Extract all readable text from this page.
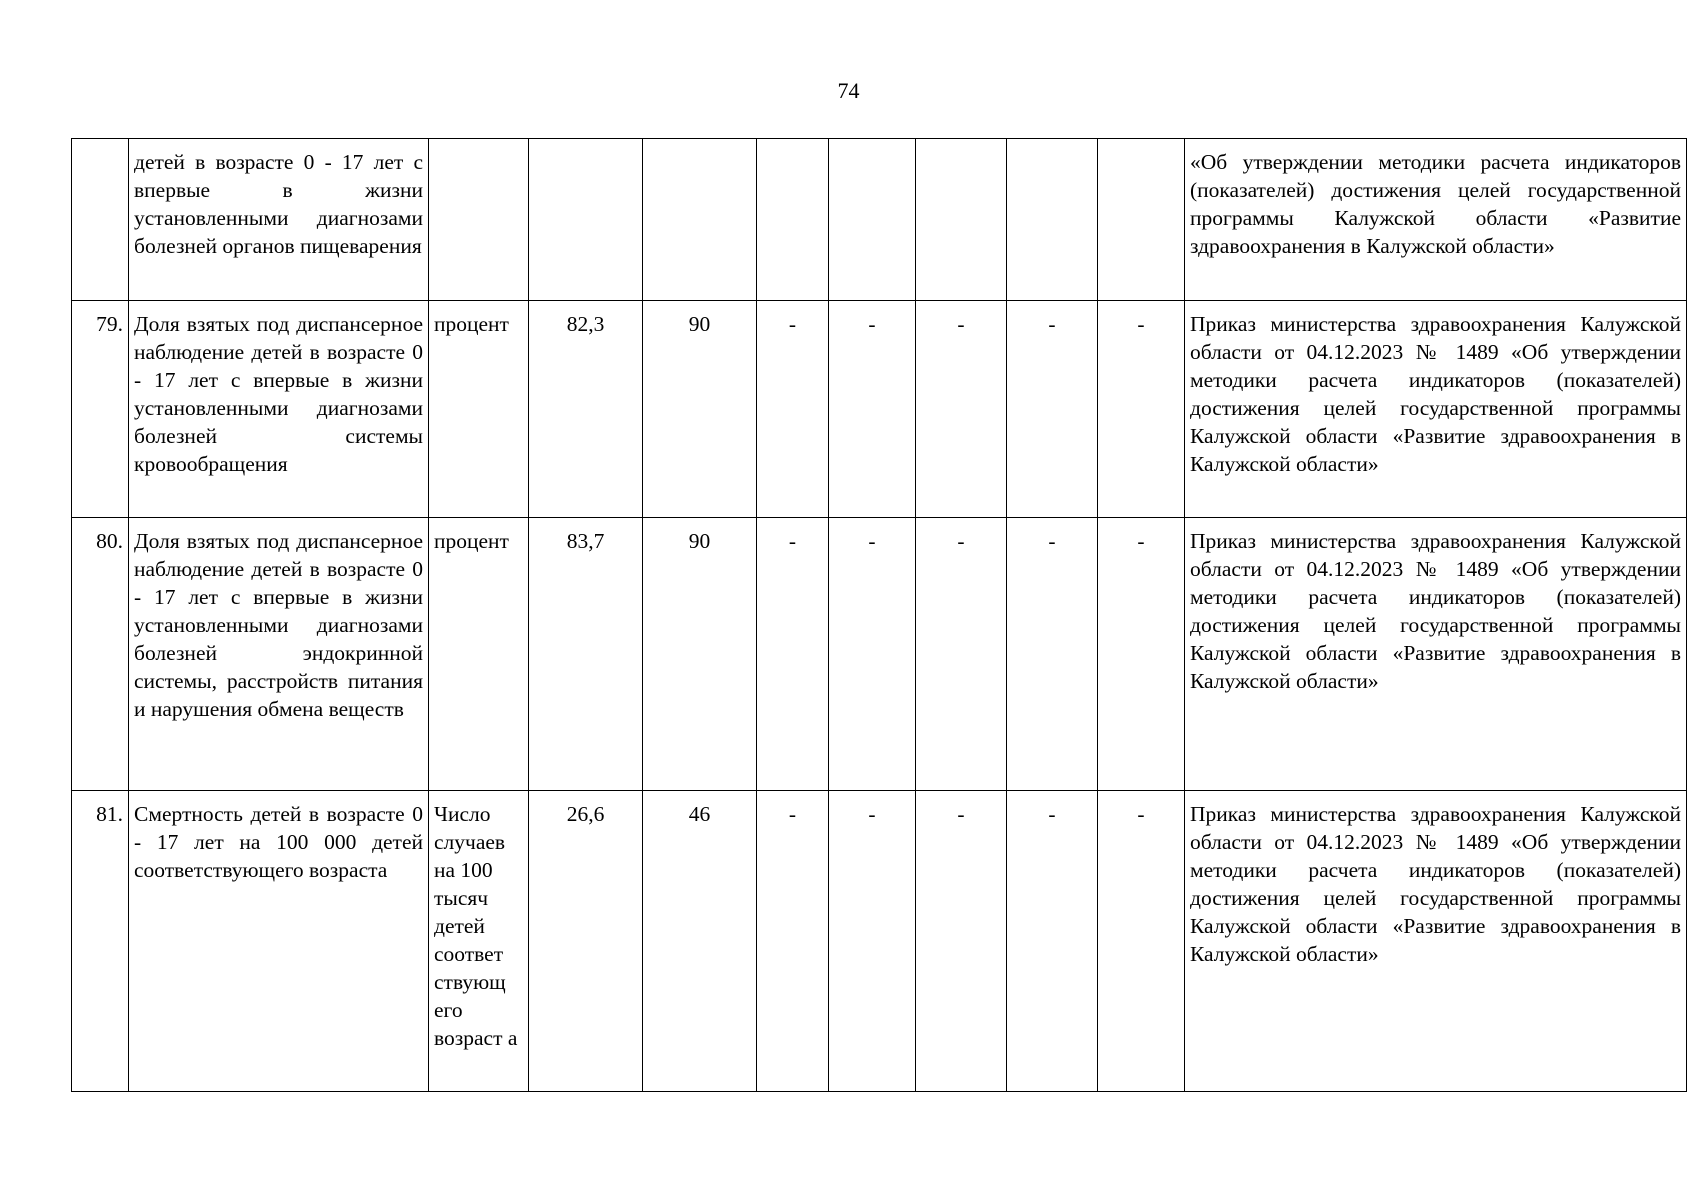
74
	детей в возрасте 0 - 17 лет с впервые в жизни установленными диагнозами болезней органов пищеварения									«Об утверждении методики расчета индикаторов (показателей) достижения целей государственной программы Калужской области «Развитие здравоохранения в Калужской области»
79.	Доля взятых под диспансерное наблюдение детей в возрасте 0 - 17 лет с впервые в жизни установленными диагнозами болезней системы кровообращения	процент	82,3	90	-	-	-	-	-	Приказ министерства здравоохранения Калужской области от 04.12.2023 № 1489 «Об утверждении методики расчета индикаторов (показателей) достижения целей государственной программы Калужской области «Развитие здравоохранения в Калужской области»
80.	Доля взятых под диспансерное наблюдение детей в возрасте 0 - 17 лет с впервые в жизни установленными диагнозами болезней эндокринной системы, расстройств питания и нарушения обмена веществ	процент	83,7	90	-	-	-	-	-	Приказ министерства здравоохранения Калужской области от 04.12.2023 № 1489 «Об утверждении методики расчета индикаторов (показателей) достижения целей государственной программы Калужской области «Развитие здравоохранения в Калужской области»
81.	Смертность детей в возрасте 0 - 17 лет на 100 000 детей соответствующего возраста	Число случаев на 100 тысяч детей соответ ствующ его возраст а	26,6	46	-	-	-	-	-	Приказ министерства здравоохранения Калужской области от 04.12.2023 № 1489 «Об утверждении методики расчета индикаторов (показателей) достижения целей государственной программы Калужской области «Развитие здравоохранения в Калужской области»
